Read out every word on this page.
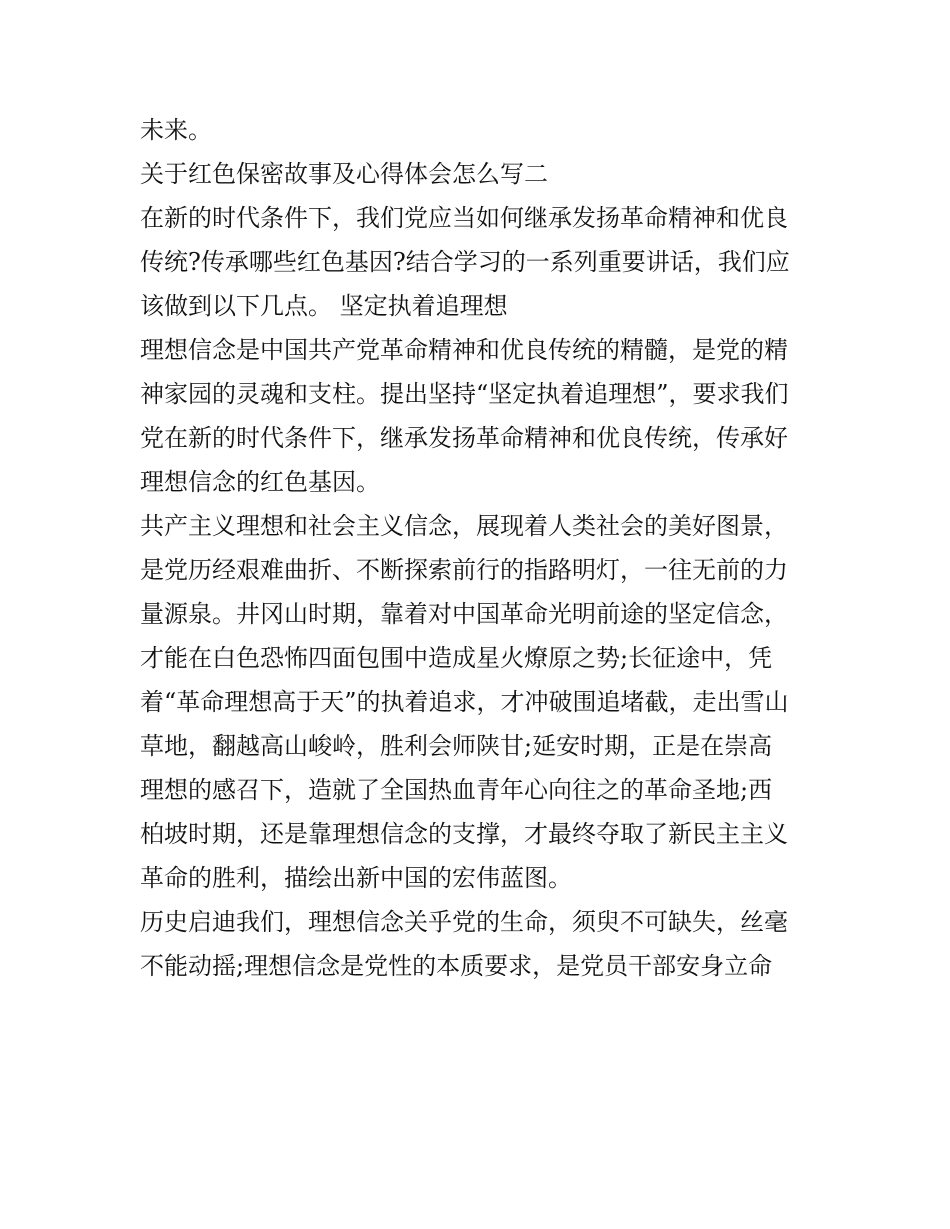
未来。
关于红色保密故事及心得体会怎么写二
在新的时代条件下，我们党应当如何继承发扬革命精神和优良
传统?传承哪些红色基因?结合学习的一系列重要讲话，我们应
该做到以下几点。 坚定执着追理想
理想信念是中国共产党革命精神和优良传统的精髓，是党的精
神家园的灵魂和支柱。提出坚持“坚定执着追理想”，要求我们
党在新的时代条件下，继承发扬革命精神和优良传统，传承好
理想信念的红色基因。
共产主义理想和社会主义信念，展现着人类社会的美好图景，
是党历经艰难曲折、不断探索前行的指路明灯，一往无前的力
量源泉。井冈山时期，靠着对中国革命光明前途的坚定信念，
才能在白色恐怖四面包围中造成星火燎原之势;长征途中，凭
着“革命理想高于天”的执着追求，才冲破围追堵截，走出雪山
草地，翻越高山峻岭，胜利会师陕甘;延安时期，正是在崇高
理想的感召下，造就了全国热血青年心向往之的革命圣地;西
柏坡时期，还是靠理想信念的支撑，才最终夺取了新民主主义
革命的胜利，描绘出新中国的宏伟蓝图。
历史启迪我们，理想信念关乎党的生命，须臾不可缺失，丝毫
不能动摇;理想信念是党性的本质要求，是党员干部安身立命
